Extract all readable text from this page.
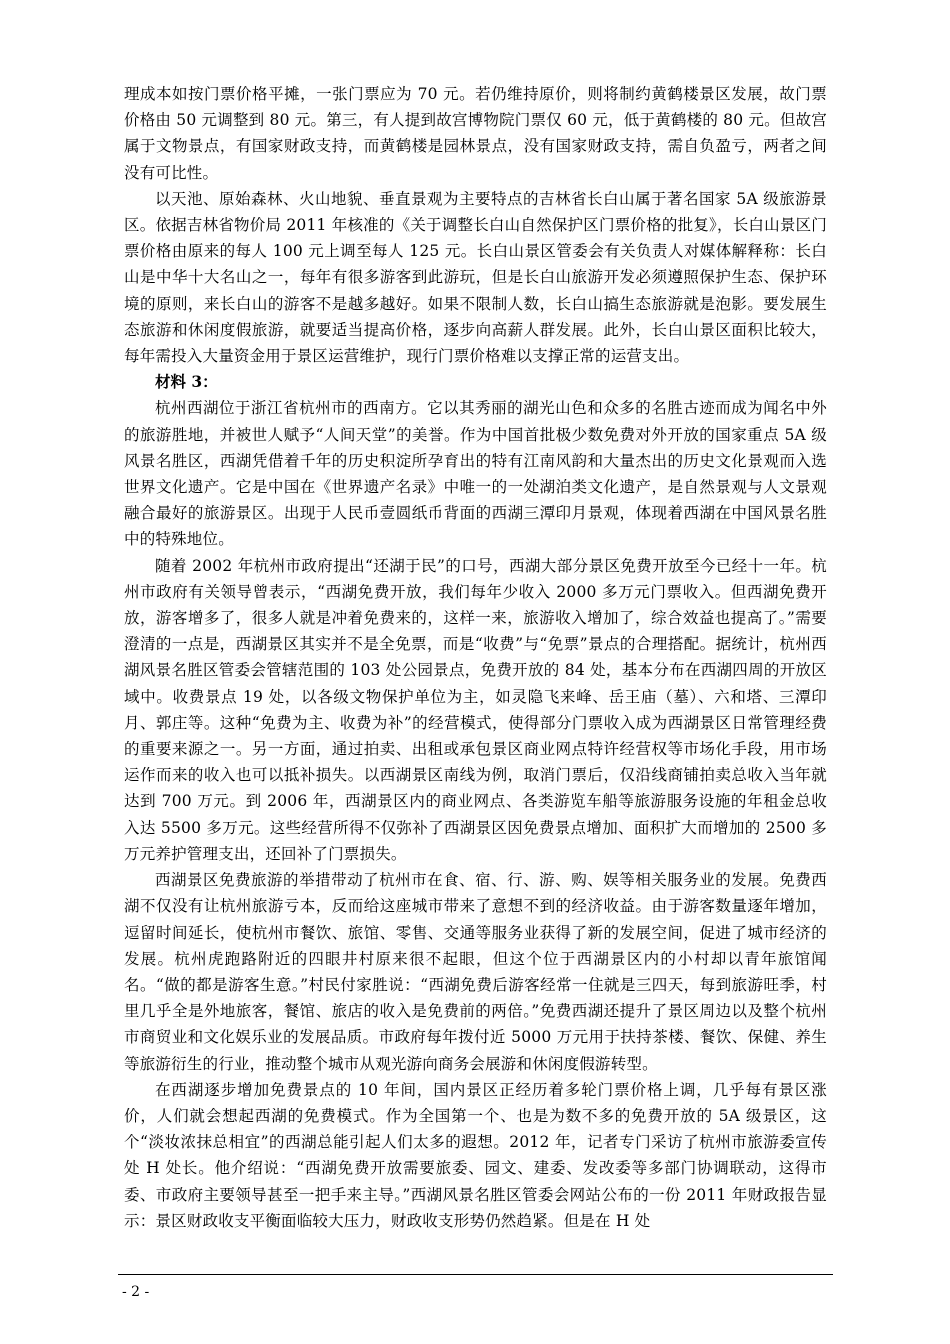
理成本如按门票价格平摊，一张门票应为 70 元。若仍维持原价，则将制约黄鹤楼景区发展，故门票价格由 50 元调整到 80 元。第三，有人提到故宫博物院门票仅 60 元，低于黄鹤楼的 80 元。但故宫属于文物景点，有国家财政支持，而黄鹤楼是园林景点，没有国家财政支持，需自负盈亏，两者之间没有可比性。

以天池、原始森林、火山地貌、垂直景观为主要特点的吉林省长白山属于著名国家 5A 级旅游景区。依据吉林省物价局 2011 年核准的《关于调整长白山自然保护区门票价格的批复》，长白山景区门票价格由原来的每人 100 元上调至每人 125 元。长白山景区管委会有关负责人对媒体解释称：长白山是中华十大名山之一，每年有很多游客到此游玩，但是长白山旅游开发必须遵照保护生态、保护环境的原则，来长白山的游客不是越多越好。如果不限制人数，长白山搞生态旅游就是泡影。要发展生态旅游和休闲度假旅游，就要适当提高价格，逐步向高薪人群发展。此外，长白山景区面积比较大，每年需投入大量资金用于景区运营维护，现行门票价格难以支撑正常的运营支出。

材料 3：

杭州西湖位于浙江省杭州市的西南方。它以其秀丽的湖光山色和众多的名胜古迹而成为闻名中外的旅游胜地，并被世人赋予“人间天堂”的美誉。作为中国首批极少数免费对外开放的国家重点 5A 级风景名胜区，西湖凭借着千年的历史积淀所孕育出的特有江南风韵和大量杰出的历史文化景观而入选世界文化遗产。它是中国在《世界遗产名录》中唯一的一处湖泊类文化遗产，是自然景观与人文景观融合最好的旅游景区。出现于人民币壹圆纸币背面的西湖三潭印月景观，体现着西湖在中国风景名胜中的特殊地位。

随着 2002 年杭州市政府提出“还湖于民”的口号，西湖大部分景区免费开放至今已经十一年。杭州市政府有关领导曾表示，“西湖免费开放，我们每年少收入 2000 多万元门票收入。但西湖免费开放，游客增多了，很多人就是冲着免费来的，这样一来，旅游收入增加了，综合效益也提高了。”需要澄清的一点是，西湖景区其实并不是全免票，而是“收费”与“免票”景点的合理搭配。据统计，杭州西湖风景名胜区管委会管辖范围的 103 处公园景点，免费开放的 84 处，基本分布在西湖四周的开放区域中。收费景点 19 处，以各级文物保护单位为主，如灵隐飞来峰、岳王庙（墓）、六和塔、三潭印月、郭庄等。这种“免费为主、收费为补”的经营模式，使得部分门票收入成为西湖景区日常管理经费的重要来源之一。另一方面，通过拍卖、出租或承包景区商业网点特许经营权等市场化手段，用市场运作而来的收入也可以抵补损失。以西湖景区南线为例，取消门票后，仅沿线商铺拍卖总收入当年就达到 700 万元。到 2006 年，西湖景区内的商业网点、各类游览车船等旅游服务设施的年租金总收入达 5500 多万元。这些经营所得不仅弥补了西湖景区因免费景点增加、面积扩大而增加的 2500 多万元养护管理支出，还回补了门票损失。

西湖景区免费旅游的举措带动了杭州市在食、宿、行、游、购、娱等相关服务业的发展。免费西湖不仅没有让杭州旅游亏本，反而给这座城市带来了意想不到的经济收益。由于游客数量逐年增加，逗留时间延长，使杭州市餐饮、旅馆、零售、交通等服务业获得了新的发展空间，促进了城市经济的发展。杭州虎跑路附近的四眼井村原来很不起眼，但这个位于西湖景区内的小村却以青年旅馆闻名。“做的都是游客生意。”村民付家胜说：“西湖免费后游客经常一住就是三四天，每到旅游旺季，村里几乎全是外地旅客，餐馆、旅店的收入是免费前的两倍。”免费西湖还提升了景区周边以及整个杭州市商贸业和文化娱乐业的发展品质。市政府每年拨付近 5000 万元用于扶持茶楼、餐饮、保健、养生等旅游衍生的行业，推动整个城市从观光游向商务会展游和休闲度假游转型。

在西湖逐步增加免费景点的 10 年间，国内景区正经历着多轮门票价格上调，几乎每有景区涨价，人们就会想起西湖的免费模式。作为全国第一个、也是为数不多的免费开放的 5A 级景区，这个“淡妆浓抹总相宜”的西湖总能引起人们太多的遐想。2012 年，记者专门采访了杭州市旅游委宣传处 H 处长。他介绍说：“西湖免费开放需要旅委、园文、建委、发改委等多部门协调联动，这得市委、市政府主要领导甚至一把手来主导。”西湖风景名胜区管委会网站公布的一份 2011 年财政报告显示：景区财政收支平衡面临较大压力，财政收支形势仍然趋紧。但是在 H 处

- 2 -
